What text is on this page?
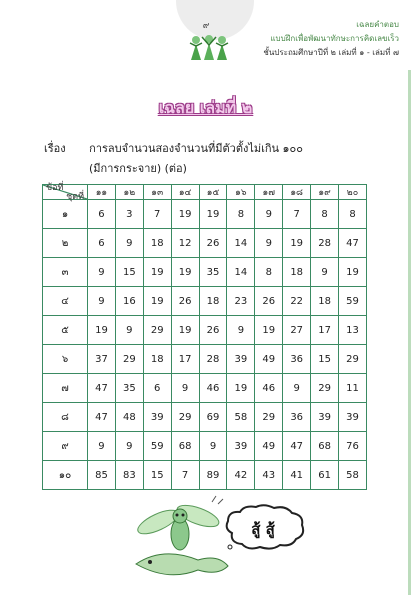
๙	เฉลยคำตอบ
แบบฝึกเพื่อพัฒนาทักษะการคิดเลขเร็ว
ชั้นประถมศึกษาปีที่ ๒ เล่มที่ ๑ - เล่มที่ ๗
เฉลย เล่มที่ ๒
เรื่อง การลบจำนวนสองจำนวนที่มีตัวตั้งไม่เกิน ๑๐๐
(มีการกระจาย) (ต่อ)
ชุดที่
ข้อที่	๑๑	๑๒	๑๓	๑๔	๑๕	๑๖	๑๗	๑๘	๑๙	๒๐
๑	6	3	7	19	19	8	9	7	8	8
๒	6	9	18	12	26	14	9	19	28	47
๓	9	15	19	19	35	14	8	18	9	19
๔	9	16	19	26	18	23	26	22	18	59
๕	19	9	29	19	26	9	19	27	17	13
๖	37	29	18	17	28	39	49	36	15	29
๗	47	35	6	9	46	19	46	9	29	11
๘	47	48	39	29	69	58	29	36	39	39
๙	9	9	59	68	9	39	49	47	68	76
๑๐	85	83	15	7	89	42	43	41	61	58
สู้ สู้
